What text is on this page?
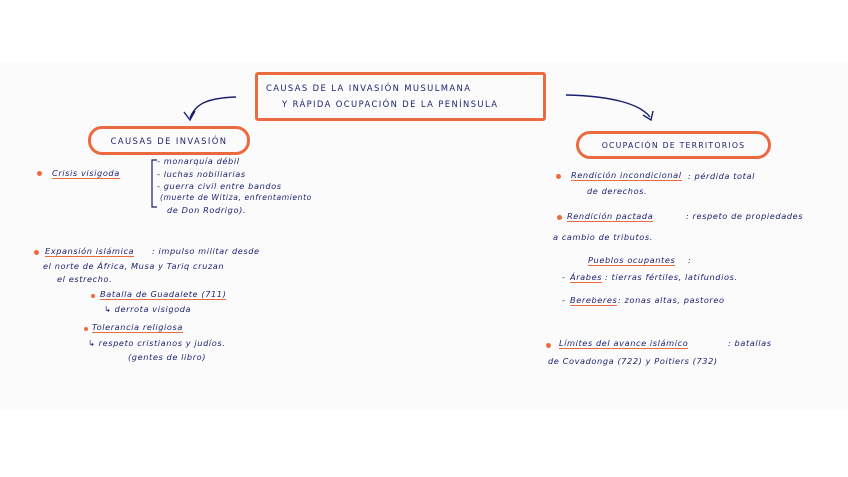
CAUSAS DE LA INVASIÓN MUSULMANA
Y RÁPIDA OCUPACIÓN DE LA PENÍNSULA
CAUSAS DE INVASIÓN	OCUPACIÓN DE TERRITORIOS
Crisis visigoda
- monarquía débil
- luchas nobiliarias
- guerra civil entre bandos
(muerte de Witiza, enfrentamiento
de Don Rodrigo).
Expansión islámica : impulso militar desde
el norte de África, Musa y Tariq cruzan
el estrecho.
Batalla de Guadalete (711)
↳ derrota visigoda
Tolerancia religiosa
↳ respeto cristianos y judíos.
(gentes de libro)
Rendición incondicional : pérdida total
de derechos.
Rendición pactada	: respeto de propiedades
a cambio de tributos.
Pueblos ocupantes :
- Árabes : tierras fértiles, latifundios.
- Bereberes : zonas altas, pastoreo
Límites del avance islámico	: batallas
de Covadonga (722) y Poitiers (732)
